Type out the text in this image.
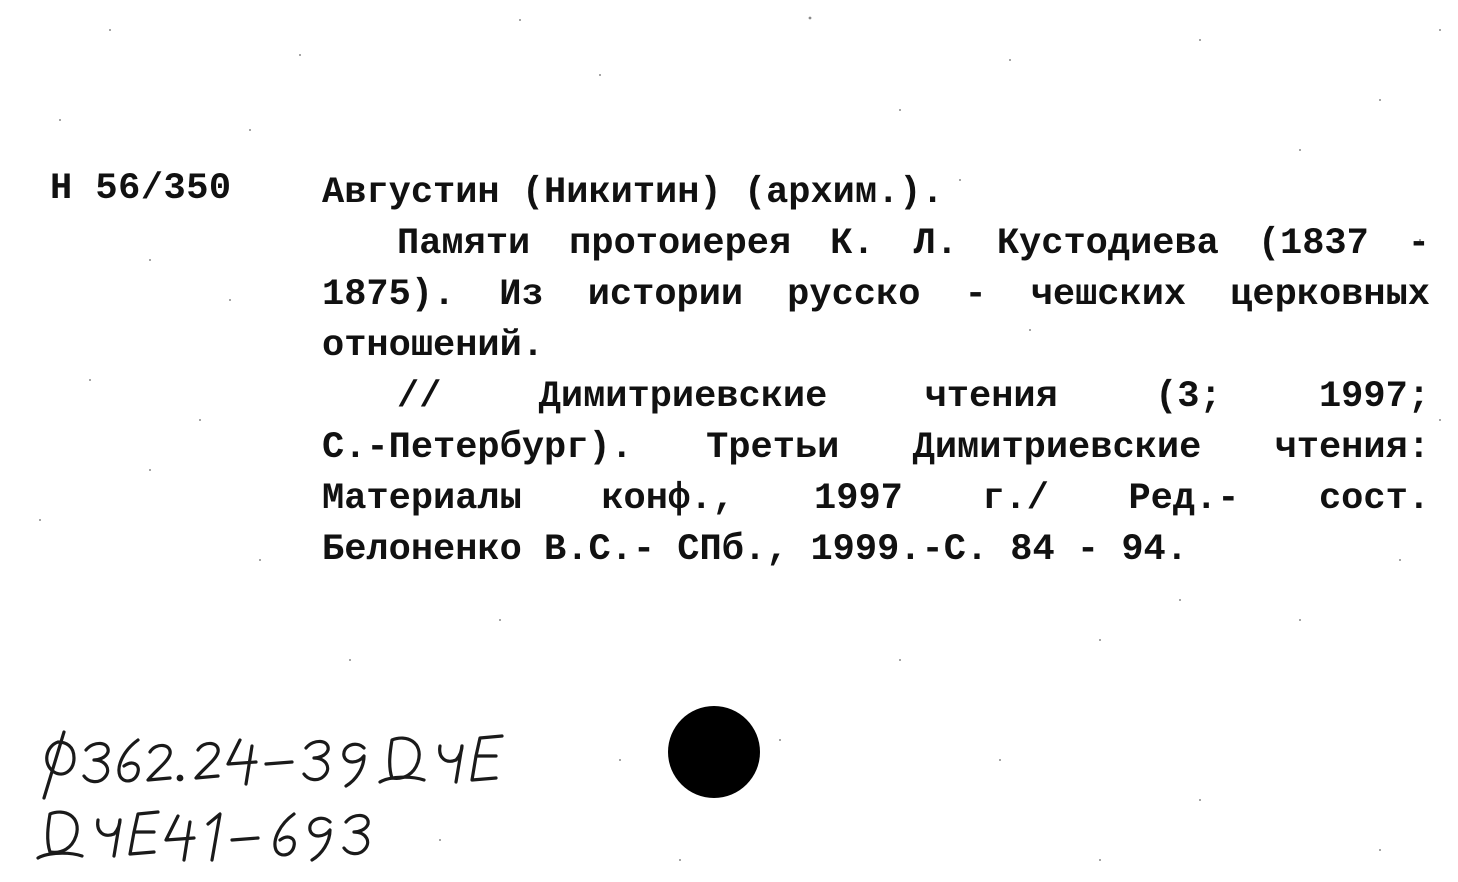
Н 56/350 Августин (Никитин) (архим.).
Памяти протоиерея К. Л. Кустодиева (1837 -
1875). Из истории русско - чешских церковных
отношений.
// Димитриевские чтения (3; 1997;
С.-Петербург). Третьи Димитриевские чтения:
Материалы конф., 1997 г./ Ред.- сост.
Белоненко В.С.- СПб., 1999.-С. 84 - 94.
